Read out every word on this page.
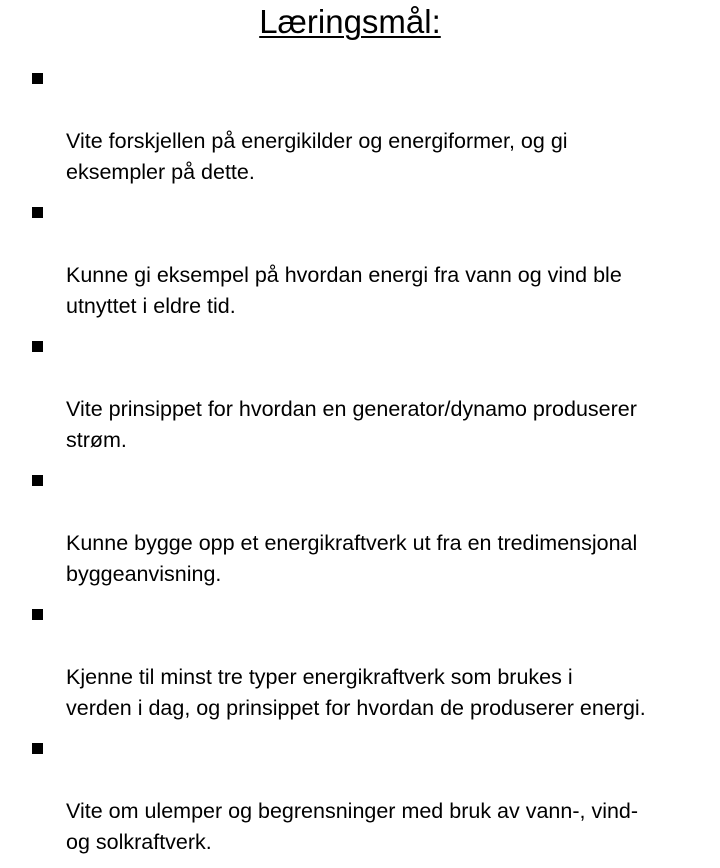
Læringsmål:

Vite forskjellen på energikilder og energiformer, og gi
eksempler på dette.

Kunne gi eksempel på hvordan energi fra vann og vind ble
utnyttet i eldre tid.

Vite prinsippet for hvordan en generator/dynamo produserer
strøm.

Kunne bygge opp et energikraftverk ut fra en tredimensjonal
byggeanvisning.

Kjenne til minst tre typer energikraftverk som brukes i
verden i dag, og prinsippet for hvordan de produserer energi.

Vite om ulemper og begrensninger med bruk av vann-, vind-
og solkraftverk.
